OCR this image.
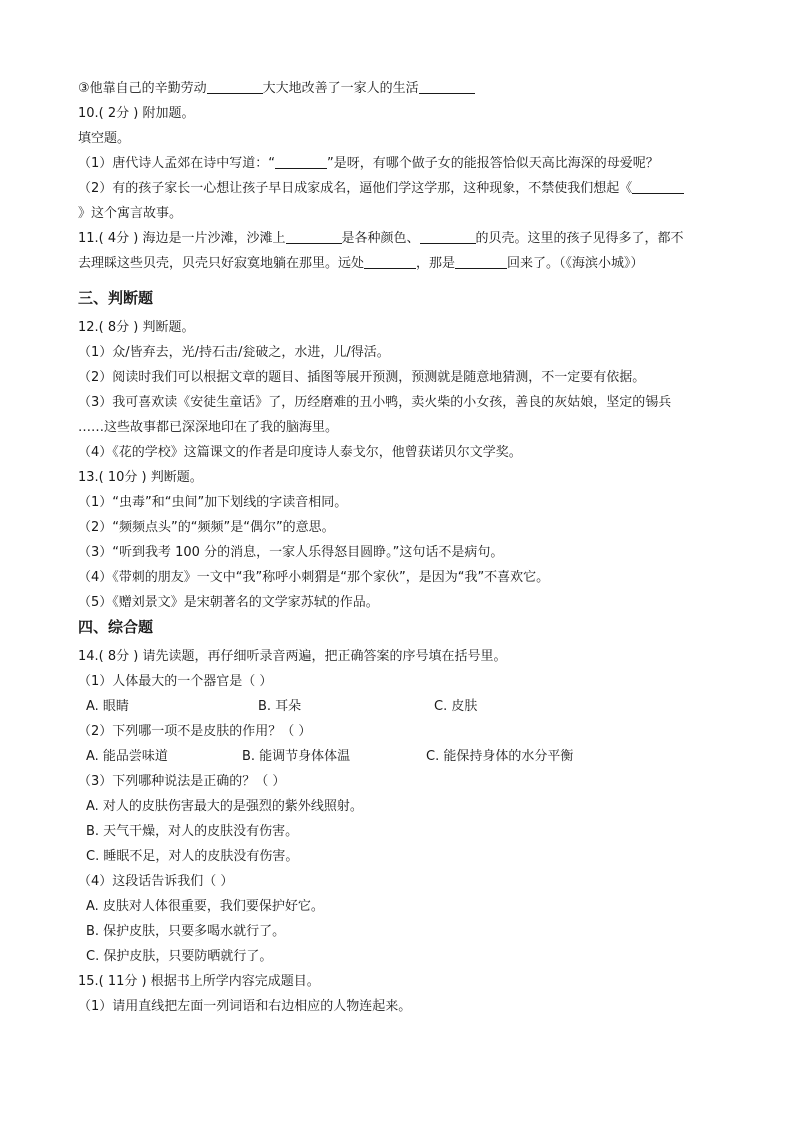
③他靠自己的辛勤劳动	大大地改善了一家人的生活
10.( 2分 ) 附加题。
填空题。
（1）唐代诗人孟郊在诗中写道：“	”是呀，有哪个做子女的能报答恰似天高比海深的母爱呢？
（2）有的孩子家长一心想让孩子早日成家成名，逼他们学这学那，这种现象，不禁使我们想起《
》这个寓言故事。
11.( 4分 ) 海边是一片沙滩，沙滩上	是各种颜色、	的贝壳。这里的孩子见得多了，都不
去理睬这些贝壳，贝壳只好寂寞地躺在那里。远处	，那是	回来了。（《海滨小城》）
三、判断题
12.( 8分 ) 判断题。
（1）众/皆弃去，光/持石击/瓮破之，水进，儿/得活。
（2）阅读时我们可以根据文章的题目、插图等展开预测，预测就是随意地猜测，不一定要有依据。
（3）我可喜欢读《安徒生童话》了，历经磨难的丑小鸭，卖火柴的小女孩，善良的灰姑娘，坚定的锡兵
……这些故事都已深深地印在了我的脑海里。
（4）《花的学校》这篇课文的作者是印度诗人泰戈尔，他曾获诺贝尔文学奖。
13.( 10分 ) 判断题。
（1）“虫毒”和“虫间”加下划线的字读音相同。
（2）“频频点头”的“频频”是“偶尔”的意思。
（3）“听到我考 100 分的消息，一家人乐得怒目圆睁。”这句话不是病句。
（4）《带刺的朋友》一文中“我”称呼小刺猬是“那个家伙”，是因为“我”不喜欢它。
（5）《赠刘景文》是宋朝著名的文学家苏轼的作品。
四、综合题
14.( 8分 ) 请先读题，再仔细听录音两遍，把正确答案的序号填在括号里。
（1）人体最大的一个器官是（ ）
A. 眼睛	B. 耳朵	C. 皮肤
（2）下列哪一项不是皮肤的作用？（ ）
A. 能品尝味道	B. 能调节身体体温	C. 能保持身体的水分平衡
（3）下列哪种说法是正确的？（ ）
A. 对人的皮肤伤害最大的是强烈的紫外线照射。
B. 天气干燥，对人的皮肤没有伤害。
C. 睡眠不足，对人的皮肤没有伤害。
（4）这段话告诉我们（ ）
A. 皮肤对人体很重要，我们要保护好它。
B. 保护皮肤，只要多喝水就行了。
C. 保护皮肤，只要防晒就行了。
15.( 11分 ) 根据书上所学内容完成题目。
（1）请用直线把左面一列词语和右边相应的人物连起来。
